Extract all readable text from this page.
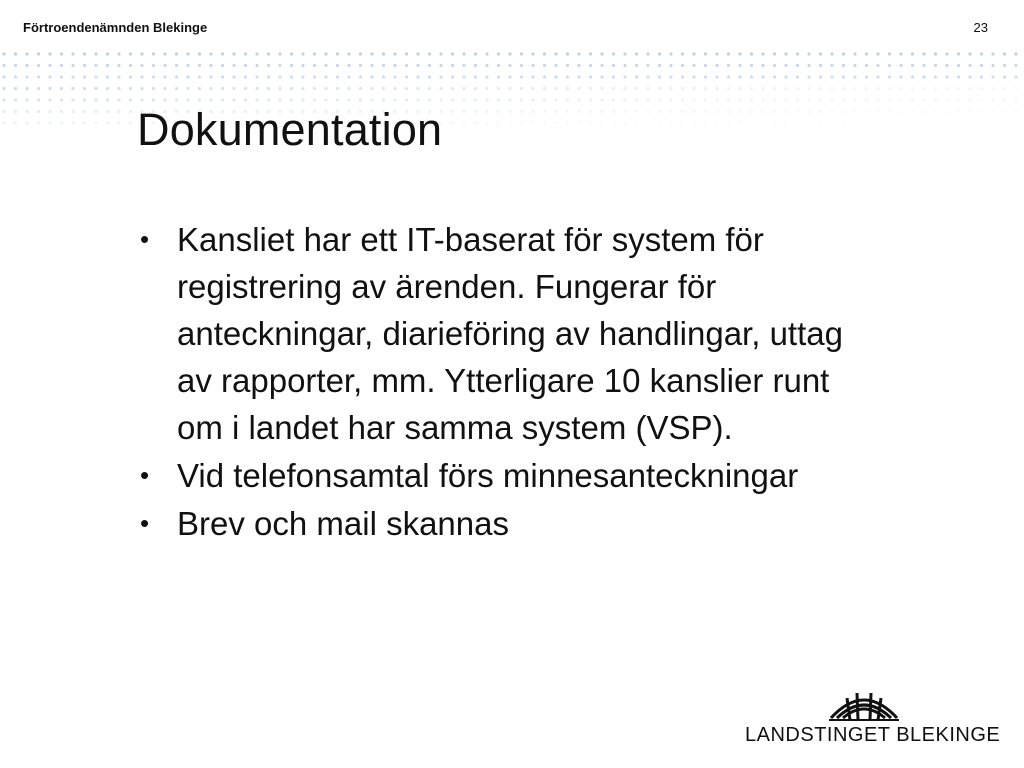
Förtroendenämnden Blekinge	23
Dokumentation
• Kansliet har ett IT-baserat för system för registrering av ärenden. Fungerar för anteckningar, diarieföring av handlingar, uttag av rapporter, mm. Ytterligare 10 kanslier runt om i landet har samma system (VSP).
• Vid telefonsamtal förs minnesanteckningar
• Brev och mail skannas
LANDSTINGET BLEKINGE
